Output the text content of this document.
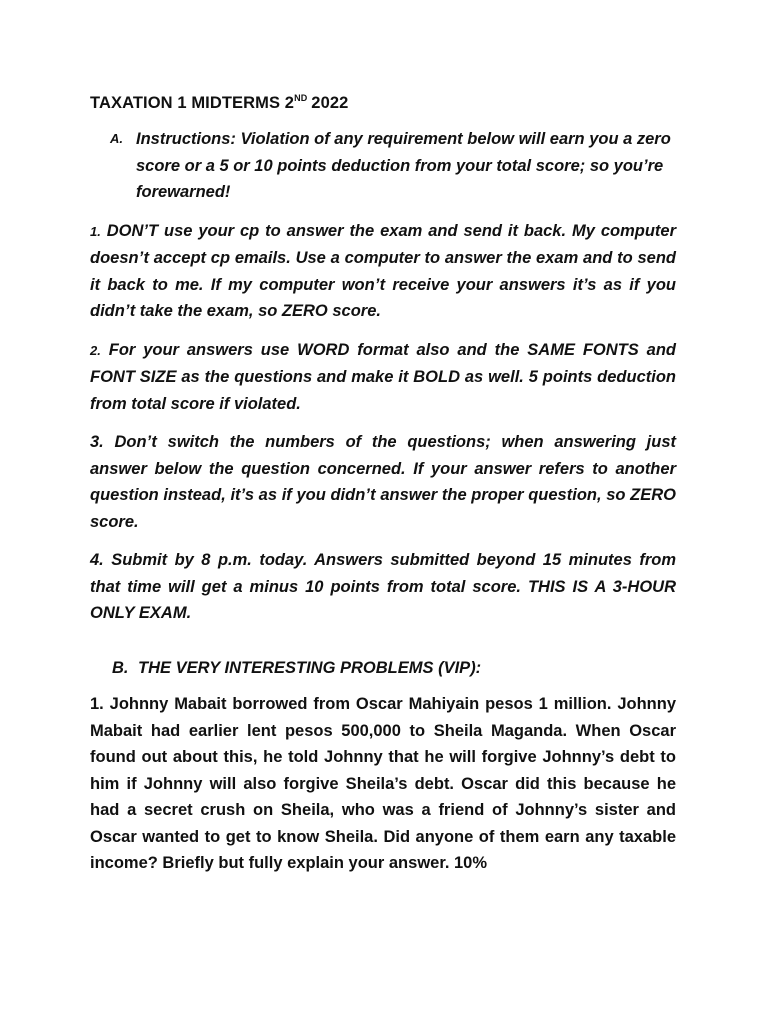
TAXATION 1 MIDTERMS 2ND 2022
A. Instructions: Violation of any requirement below will earn you a zero score or a 5 or 10 points deduction from your total score; so you’re forewarned!

1. DON’T use your cp to answer the exam and send it back. My computer doesn’t accept cp emails. Use a computer to answer the exam and to send it back to me. If my computer won’t receive your answers it’s as if you didn’t take the exam, so ZERO score.

2. For your answers use WORD format also and the SAME FONTS and FONT SIZE as the questions and make it BOLD as well. 5 points deduction from total score if violated.

3. Don’t switch the numbers of the questions; when answering just answer below the question concerned. If your answer refers to another question instead, it’s as if you didn’t answer the proper question, so ZERO score.

4. Submit by 8 p.m. today. Answers submitted beyond 15 minutes from that time will get a minus 10 points from total score. THIS IS A 3-HOUR ONLY EXAM.

B. THE VERY INTERESTING PROBLEMS (VIP):

1. Johnny Mabait borrowed from Oscar Mahiyain pesos 1 million. Johnny Mabait had earlier lent pesos 500,000 to Sheila Maganda. When Oscar found out about this, he told Johnny that he will forgive Johnny’s debt to him if Johnny will also forgive Sheila’s debt. Oscar did this because he had a secret crush on Sheila, who was a friend of Johnny’s sister and Oscar wanted to get to know Sheila. Did anyone of them earn any taxable income? Briefly but fully explain your answer. 10%
